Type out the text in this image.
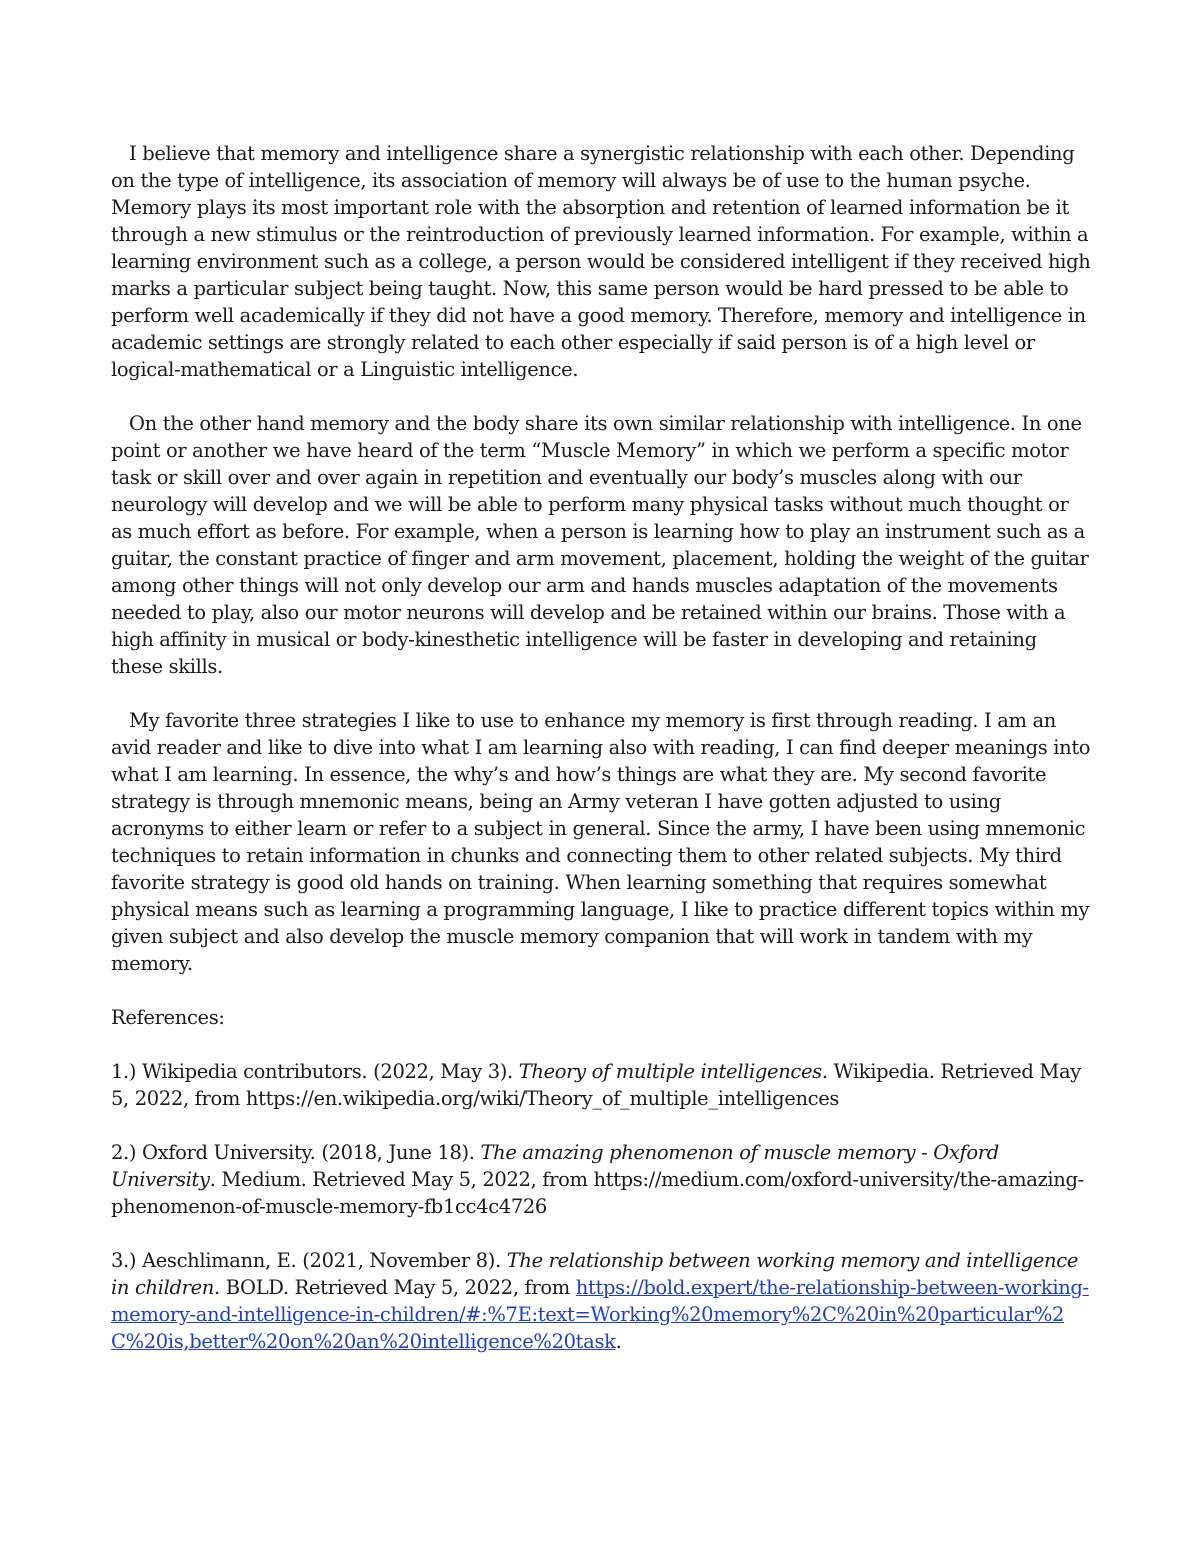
I believe that memory and intelligence share a synergistic relationship with each other. Depending on the type of intelligence, its association of memory will always be of use to the human psyche. Memory plays its most important role with the absorption and retention of learned information be it through a new stimulus or the reintroduction of previously learned information. For example, within a learning environment such as a college, a person would be considered intelligent if they received high marks a particular subject being taught. Now, this same person would be hard pressed to be able to perform well academically if they did not have a good memory. Therefore, memory and intelligence in academic settings are strongly related to each other especially if said person is of a high level or logical-mathematical or a Linguistic intelligence.

On the other hand memory and the body share its own similar relationship with intelligence. In one point or another we have heard of the term “Muscle Memory” in which we perform a specific motor task or skill over and over again in repetition and eventually our body’s muscles along with our neurology will develop and we will be able to perform many physical tasks without much thought or as much effort as before. For example, when a person is learning how to play an instrument such as a guitar, the constant practice of finger and arm movement, placement, holding the weight of the guitar among other things will not only develop our arm and hands muscles adaptation of the movements needed to play, also our motor neurons will develop and be retained within our brains. Those with a high affinity in musical or body-kinesthetic intelligence will be faster in developing and retaining these skills.

My favorite three strategies I like to use to enhance my memory is first through reading. I am an avid reader and like to dive into what I am learning also with reading, I can find deeper meanings into what I am learning. In essence, the why’s and how’s things are what they are. My second favorite strategy is through mnemonic means, being an Army veteran I have gotten adjusted to using acronyms to either learn or refer to a subject in general. Since the army, I have been using mnemonic techniques to retain information in chunks and connecting them to other related subjects. My third favorite strategy is good old hands on training. When learning something that requires somewhat physical means such as learning a programming language, I like to practice different topics within my given subject and also develop the muscle memory companion that will work in tandem with my memory.

References:

1.) Wikipedia contributors. (2022, May 3). Theory of multiple intelligences. Wikipedia. Retrieved May 5, 2022, from https://en.wikipedia.org/wiki/Theory_of_multiple_intelligences

2.) Oxford University. (2018, June 18). The amazing phenomenon of muscle memory - Oxford University. Medium. Retrieved May 5, 2022, from https://medium.com/oxford-university/the-amazing-phenomenon-of-muscle-memory-fb1cc4c4726

3.) Aeschlimann, E. (2021, November 8). The relationship between working memory and intelligence in children. BOLD. Retrieved May 5, 2022, from https://bold.expert/the-relationship-between-working-memory-and-intelligence-in-children/#:%7E:text=Working%20memory%2C%20in%20particular%2C%20is,better%20on%20an%20intelligence%20task.
